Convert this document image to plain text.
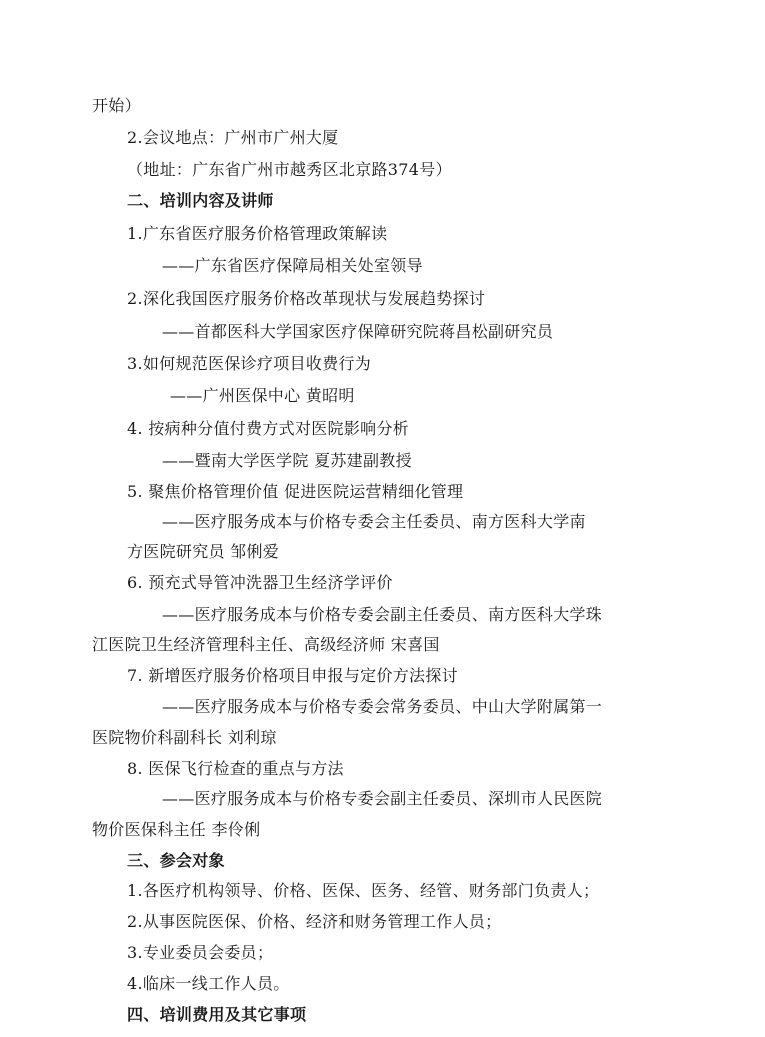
开始）
2.会议地点：广州市广州大厦
（地址：广东省广州市越秀区北京路374号）
二、培训内容及讲师
1.广东省医疗服务价格管理政策解读
——广东省医疗保障局相关处室领导
2.深化我国医疗服务价格改革现状与发展趋势探讨
——首都医科大学国家医疗保障研究院蒋昌松副研究员
3.如何规范医保诊疗项目收费行为
——广州医保中心 黄昭明
4. 按病种分值付费方式对医院影响分析
——暨南大学医学院 夏苏建副教授
5. 聚焦价格管理价值 促进医院运营精细化管理
——医疗服务成本与价格专委会主任委员、南方医科大学南
方医院研究员 邹俐爱
6. 预充式导管冲洗器卫生经济学评价
——医疗服务成本与价格专委会副主任委员、南方医科大学珠
江医院卫生经济管理科主任、高级经济师 宋喜国
7. 新增医疗服务价格项目申报与定价方法探讨
——医疗服务成本与价格专委会常务委员、中山大学附属第一
医院物价科副科长 刘利琼
8. 医保飞行检查的重点与方法
——医疗服务成本与价格专委会副主任委员、深圳市人民医院
物价医保科主任 李伶俐
三、参会对象
1.各医疗机构领导、价格、医保、医务、经管、财务部门负责人；
2.从事医院医保、价格、经济和财务管理工作人员；
3.专业委员会委员；
4.临床一线工作人员。
四、培训费用及其它事项
